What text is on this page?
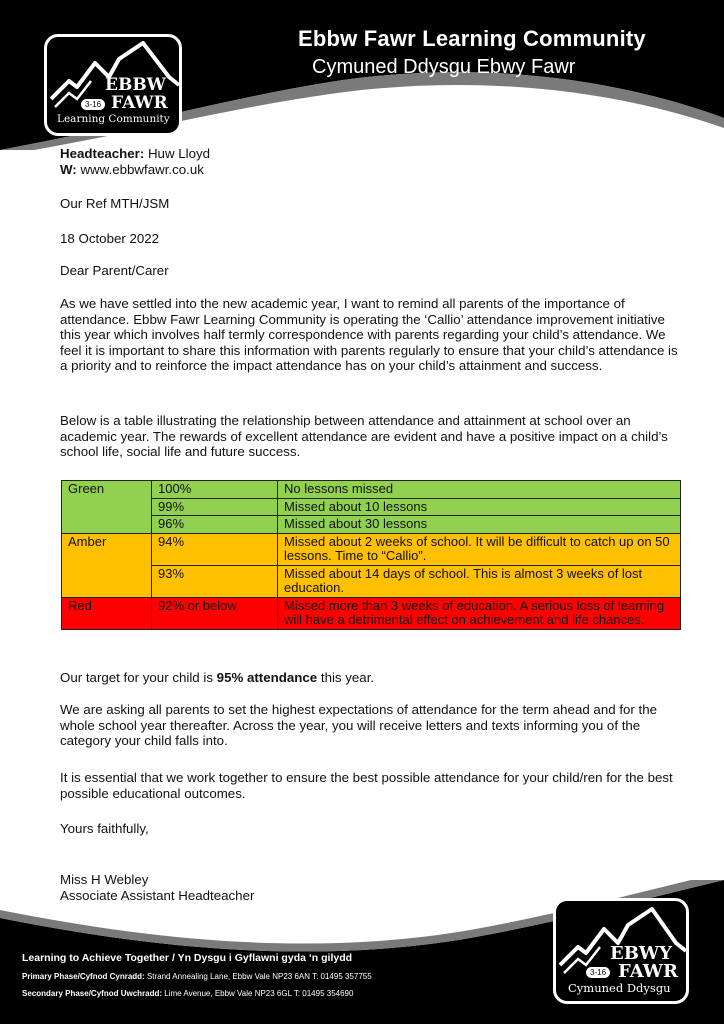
Ebbw Fawr Learning Community
Cymuned Ddysgu Ebwy Fawr
EBBW
3-16 FAWR
Learning Community

Headteacher: Huw Lloyd

W: www.ebbwfawr.co.uk

Our Ref MTH/JSM
18 October 2022
Dear Parent/Carer
As we have settled into the new academic year, I want to remind all parents of the importance of attendance. Ebbw Fawr Learning Community is operating the ‘Callio’ attendance improvement initiative this year which involves half termly correspondence with parents regarding your child’s attendance. We feel it is important to share this information with parents regularly to ensure that your child’s attendance is a priority and to reinforce the impact attendance has on your child’s attainment and success.
Below is a table illustrating the relationship between attendance and attainment at school over an academic year. The rewards of excellent attendance are evident and have a positive impact on a child’s school life, social life and future success.
Green	100%	No lessons missed
	99%	Missed about 10 lessons
	96%	Missed about 30 lessons
Amber	94%	Missed about 2 weeks of school. It will be difficult to catch up on 50 lessons. Time to “Callio”.
	93%	Missed about 14 days of school. This is almost 3 weeks of lost education.
Red	92% or below	Missed more than 3 weeks of education. A serious loss of learning will have a detrimental effect on achievement and life chances.
Our target for your child is 95% attendance this year.
We are asking all parents to set the highest expectations of attendance for the term ahead and for the whole school year thereafter. Across the year, you will receive letters and texts informing you of the category your child falls into.
It is essential that we work together to ensure the best possible attendance for your child/ren for the best possible educational outcomes.
Yours faithfully,
Miss H Webley
Associate Assistant Headteacher
Learning to Achieve Together / Yn Dysgu i Gyflawni gyda ‘n gilydd
Primary Phase/Cyfnod Cynradd: Strand Annealing Lane, Ebbw Vale NP23 6AN T: 01495 357755
Secondary Phase/Cyfnod Uwchradd: Lime Avenue, Ebbw Vale NP23 6GL T: 01495 354690
EBWY
3-16 FAWR
Cymuned Ddysgu
